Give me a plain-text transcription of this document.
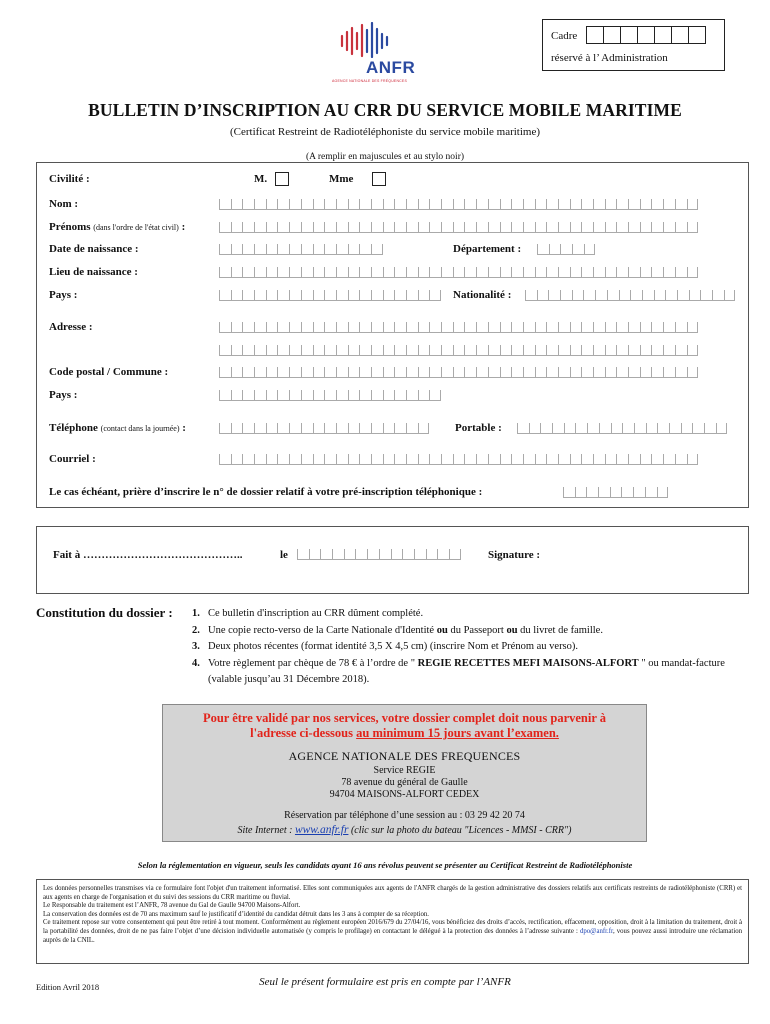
ANFR
AGENCE NATIONALE DES FRÉQUENCES
Cadre
réservé à l’ Administration
BULLETIN D’INSCRIPTION AU CRR DU SERVICE MOBILE MARITIME
(Certificat Restreint de Radiotéléphoniste du service mobile maritime)
(A remplir en majuscules et au stylo noir)
Civilité :	M.	Mme
Nom :
Prénoms (dans l'ordre de l'état civil) :
Date de naissance :	Département :
Lieu de naissance :
Pays :	Nationalité :
Adresse :
Code postal / Commune :
Pays :
Téléphone (contact dans la journée) :	Portable :
Courriel :
Le cas échéant, prière d’inscrire le n° de dossier relatif à votre pré-inscription téléphonique :
Fait à ……………………………………..	le	Signature :
Constitution du dossier : 1. Ce bulletin d'inscription au CRR dûment complété.
2. Une copie recto-verso de la Carte Nationale d'Identité ou du Passeport ou du livret de famille.
3. Deux photos récentes (format identité 3,5 X 4,5 cm) (inscrire Nom et Prénom au verso).
4. Votre règlement par chèque de 78 € à l’ordre de " REGIE RECETTES MEFI MAISONS-ALFORT " ou mandat-facture (valable jusqu’au 31 Décembre 2018).
Pour être validé par nos services, votre dossier complet doit nous parvenir à
l'adresse ci-dessous au minimum 15 jours avant l’examen.
AGENCE NATIONALE DES FREQUENCES
Service REGIE
78 avenue du général de Gaulle
94704 MAISONS-ALFORT CEDEX
Réservation par téléphone d’une session au : 03 29 42 20 74
Site Internet : www.anfr.fr (clic sur la photo du bateau "Licences - MMSI - CRR")
Selon la réglementation en vigueur, seuls les candidats ayant 16 ans révolus peuvent se présenter au Certificat Restreint de Radiotéléphoniste
Les données personnelles transmises via ce formulaire font l'objet d'un traitement informatisé. Elles sont communiquées aux agents de l'ANFR chargés de la gestion administrative des dossiers relatifs aux certificats restreints de radiotéléphoniste (CRR) et aux agents en charge de l'organisation et du suivi des sessions du CRR maritime ou fluvial.
Le Responsable du traitement est l’ANFR, 78 avenue du Gal de Gaulle 94700 Maisons-Alfort.
La conservation des données est de 70 ans maximum sauf le justificatif d’identité du candidat détruit dans les 3 ans à compter de sa réception.
Ce traitement repose sur votre consentement qui peut être retiré à tout moment. Conformément au règlement européen 2016/679 du 27/04/16, vous bénéficiez des droits d’accès, rectification, effacement, opposition, droit à la limitation du traitement, droit à la portabilité des données, droit de ne pas faire l’objet d’une décision individuelle automatisée (y compris le profilage) en contactant le délégué à la protection des données à l’adresse suivante : dpo@anfr.fr, vous pouvez aussi introduire une réclamation auprès de la CNIL.
Edition Avril 2018	Seul le présent formulaire est pris en compte par l’ANFR
